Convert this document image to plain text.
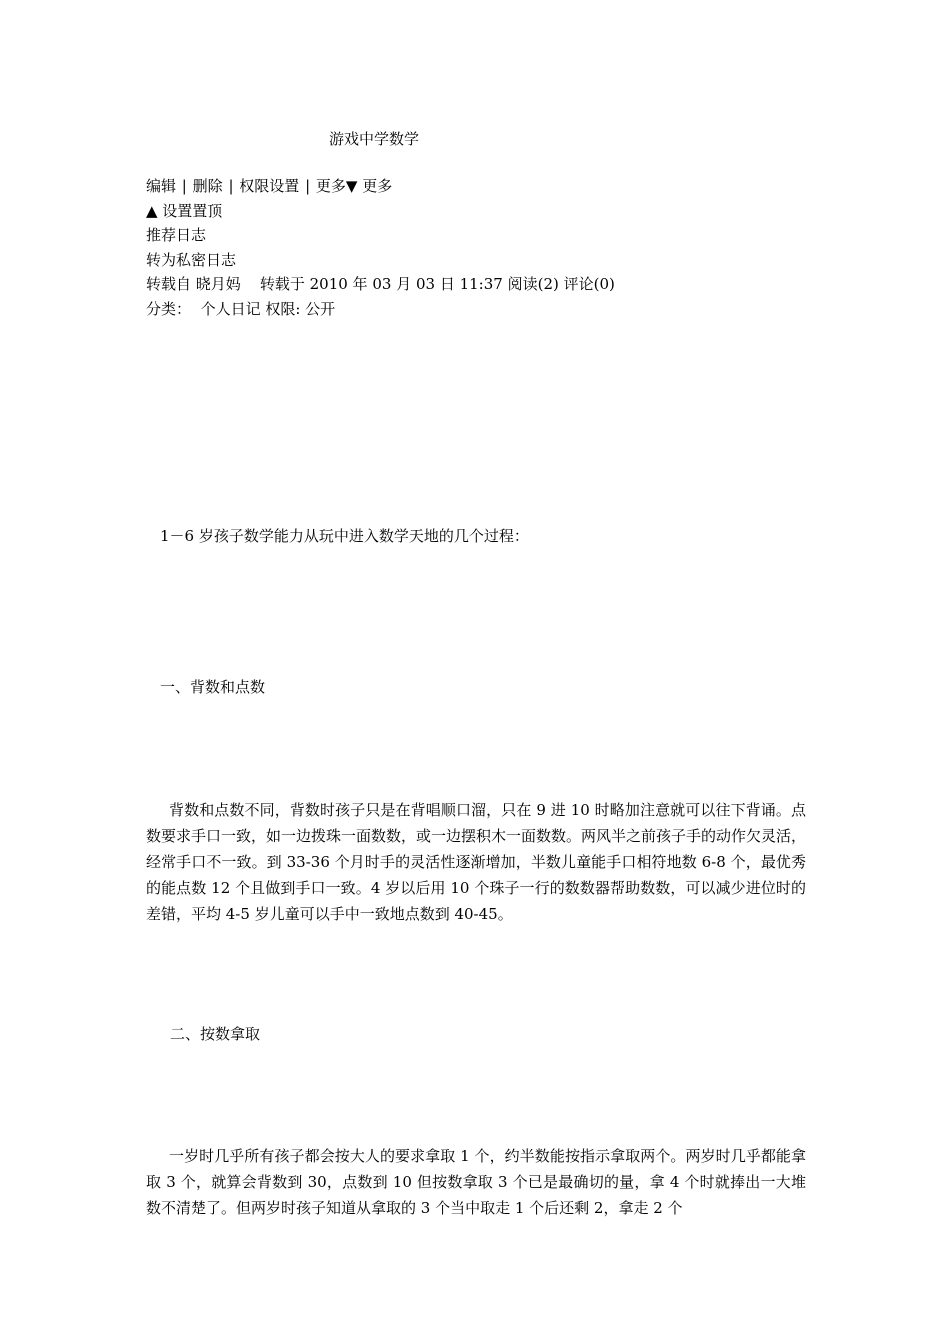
游戏中学数学
编辑 | 删除 | 权限设置 | 更多▼ 更多
▲ 设置置顶
推荐日志
转为私密日志
转载自 晓月妈 转载于 2010 年 03 月 03 日 11:37 阅读(2) 评论(0)
分类： 个人日记 权限: 公开
1－6 岁孩子数学能力从玩中进入数学天地的几个过程：
一、背数和点数
背数和点数不同，背数时孩子只是在背唱顺口溜，只在 9 进 10 时略加注意就可以往下背诵。点数要求手口一致，如一边拨珠一面数数，或一边摆积木一面数数。两风半之前孩子手的动作欠灵活，经常手口不一致。到 33-36 个月时手的灵活性逐渐增加，半数儿童能手口相符地数 6-8 个，最优秀的能点数 12 个且做到手口一致。4 岁以后用 10 个珠子一行的数数器帮助数数，可以减少进位时的差错，平均 4-5 岁儿童可以手中一致地点数到 40-45。
二、按数拿取
一岁时几乎所有孩子都会按大人的要求拿取 1 个，约半数能按指示拿取两个。两岁时几乎都能拿取 3 个，就算会背数到 30，点数到 10 但按数拿取 3 个已是最确切的量，拿 4 个时就捧出一大堆数不清楚了。但两岁时孩子知道从拿取的 3 个当中取走 1 个后还剩 2，拿走 2 个
